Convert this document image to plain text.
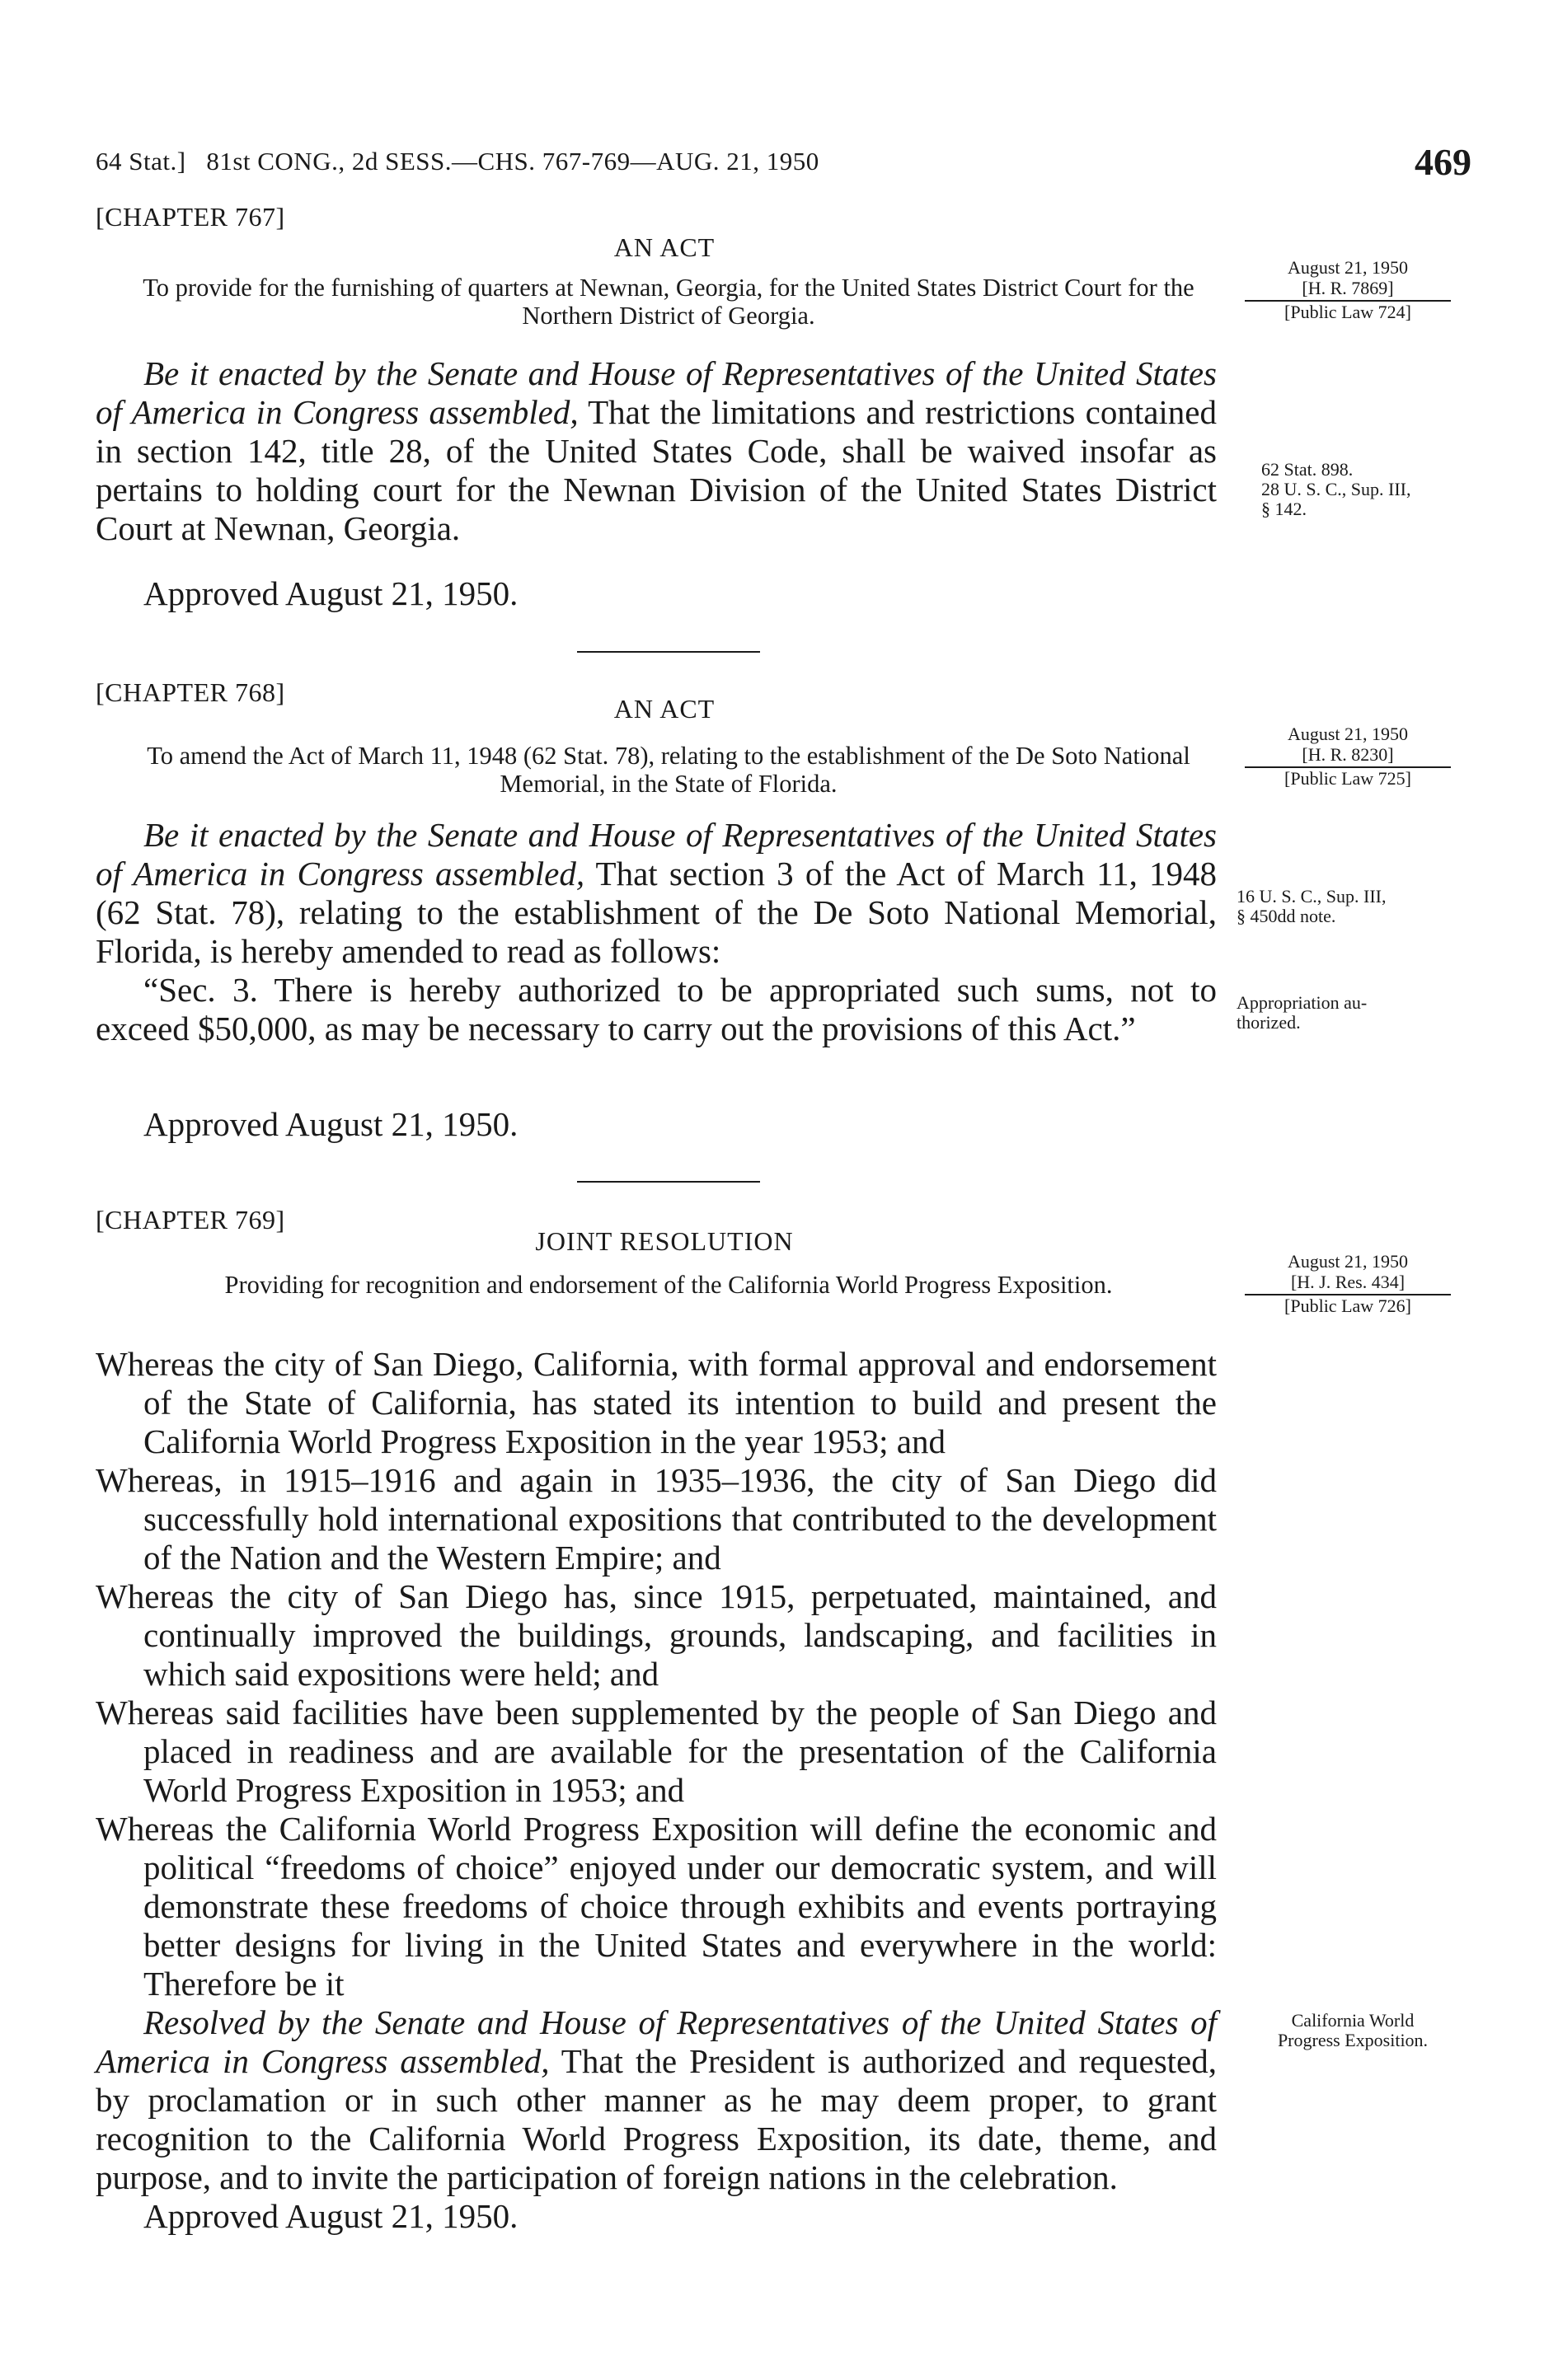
64 Stat.] 81st CONG., 2d SESS.—CHS. 767-769—AUG. 21, 1950	469
[CHAPTER 767]
AN ACT
To provide for the furnishing of quarters at Newnan, Georgia, for the United States District Court for the Northern District of Georgia.
August 21, 1950
[H. R. 7869]
[Public Law 724]

Be it enacted by the Senate and House of Representatives of the United States of America in Congress assembled, That the limitations and restrictions contained in section 142, title 28, of the United States Code, shall be waived insofar as pertains to holding court for the Newnan Division of the United States District Court at Newnan, Georgia.

62 Stat. 898.
28 U. S. C., Sup. III,
§ 142.
Approved August 21, 1950.
[CHAPTER 768]
AN ACT
To amend the Act of March 11, 1948 (62 Stat. 78), relating to the establishment of the De Soto National Memorial, in the State of Florida.
August 21, 1950
[H. R. 8230]
[Public Law 725]

Be it enacted by the Senate and House of Representatives of the United States of America in Congress assembled, That section 3 of the Act of March 11, 1948 (62 Stat. 78), relating to the establishment of the De Soto National Memorial, Florida, is hereby amended to read as follows:

“Sec. 3. There is hereby authorized to be appropriated such sums, not to exceed $50,000, as may be necessary to carry out the provisions of this Act.”

16 U. S. C., Sup. III,
§ 450dd note.
Appropriation au-
thorized.
Approved August 21, 1950.
[CHAPTER 769]
JOINT RESOLUTION
Providing for recognition and endorsement of the California World Progress Exposition.
August 21, 1950
[H. J. Res. 434]
[Public Law 726]

Whereas the city of San Diego, California, with formal approval and endorsement of the State of California, has stated its intention to build and present the California World Progress Exposition in the year 1953; and

Whereas, in 1915–1916 and again in 1935–1936, the city of San Diego did successfully hold international expositions that contributed to the development of the Nation and the Western Empire; and

Whereas the city of San Diego has, since 1915, perpetuated, maintained, and continually improved the buildings, grounds, landscaping, and facilities in which said expositions were held; and

Whereas said facilities have been supplemented by the people of San Diego and placed in readiness and are available for the presentation of the California World Progress Exposition in 1953; and

Whereas the California World Progress Exposition will define the economic and political “freedoms of choice” enjoyed under our democratic system, and will demonstrate these freedoms of choice through exhibits and events portraying better designs for living in the United States and everywhere in the world: Therefore be it

Resolved by the Senate and House of Representatives of the United States of America in Congress assembled, That the President is authorized and requested, by proclamation or in such other manner as he may deem proper, to grant recognition to the California World Progress Exposition, its date, theme, and purpose, and to invite the participation of foreign nations in the celebration.

California World
Progress Exposition.
Approved August 21, 1950.
